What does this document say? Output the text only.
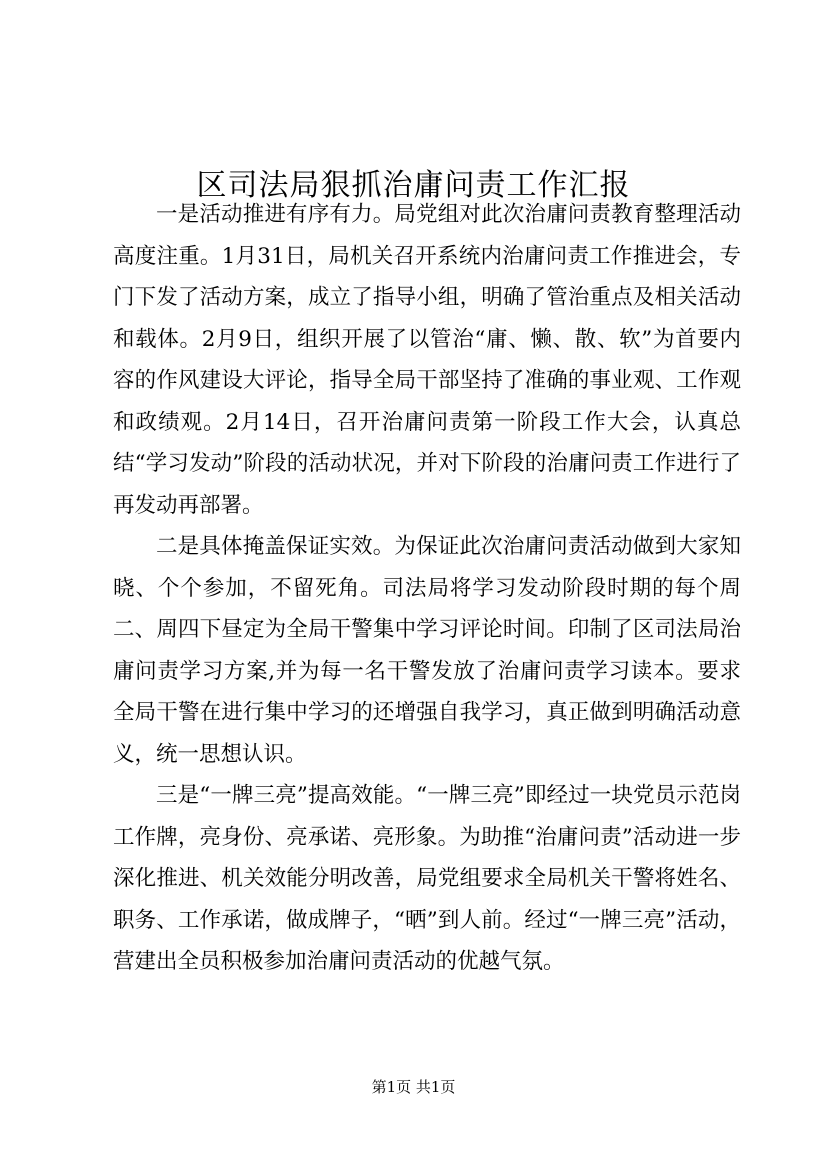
区司法局狠抓治庸问责工作汇报

一是活动推进有序有力。局党组对此次治庸问责教育整理活动高度注重。1月31日，局机关召开系统内治庸问责工作推进会，专门下发了活动方案，成立了指导小组，明确了管治重点及相关活动和载体。2月9日，组织开展了以管治“庸、懒、散、软”为首要内容的作风建设大评论，指导全局干部坚持了准确的事业观、工作观和政绩观。2月14日，召开治庸问责第一阶段工作大会，认真总结“学习发动”阶段的活动状况，并对下阶段的治庸问责工作进行了再发动再部署。

二是具体掩盖保证实效。为保证此次治庸问责活动做到大家知晓、个个参加，不留死角。司法局将学习发动阶段时期的每个周二、周四下昼定为全局干警集中学习评论时间。印制了区司法局治庸问责学习方案,并为每一名干警发放了治庸问责学习读本。要求全局干警在进行集中学习的还增强自我学习，真正做到明确活动意义，统一思想认识。

三是“一牌三亮”提高效能。“一牌三亮”即经过一块党员示范岗工作牌，亮身份、亮承诺、亮形象。为助推“治庸问责”活动进一步深化推进、机关效能分明改善，局党组要求全局机关干警将姓名、职务、工作承诺，做成牌子，“晒”到人前。经过“一牌三亮”活动，营建出全员积极参加治庸问责活动的优越气氛。

第1页 共1页
